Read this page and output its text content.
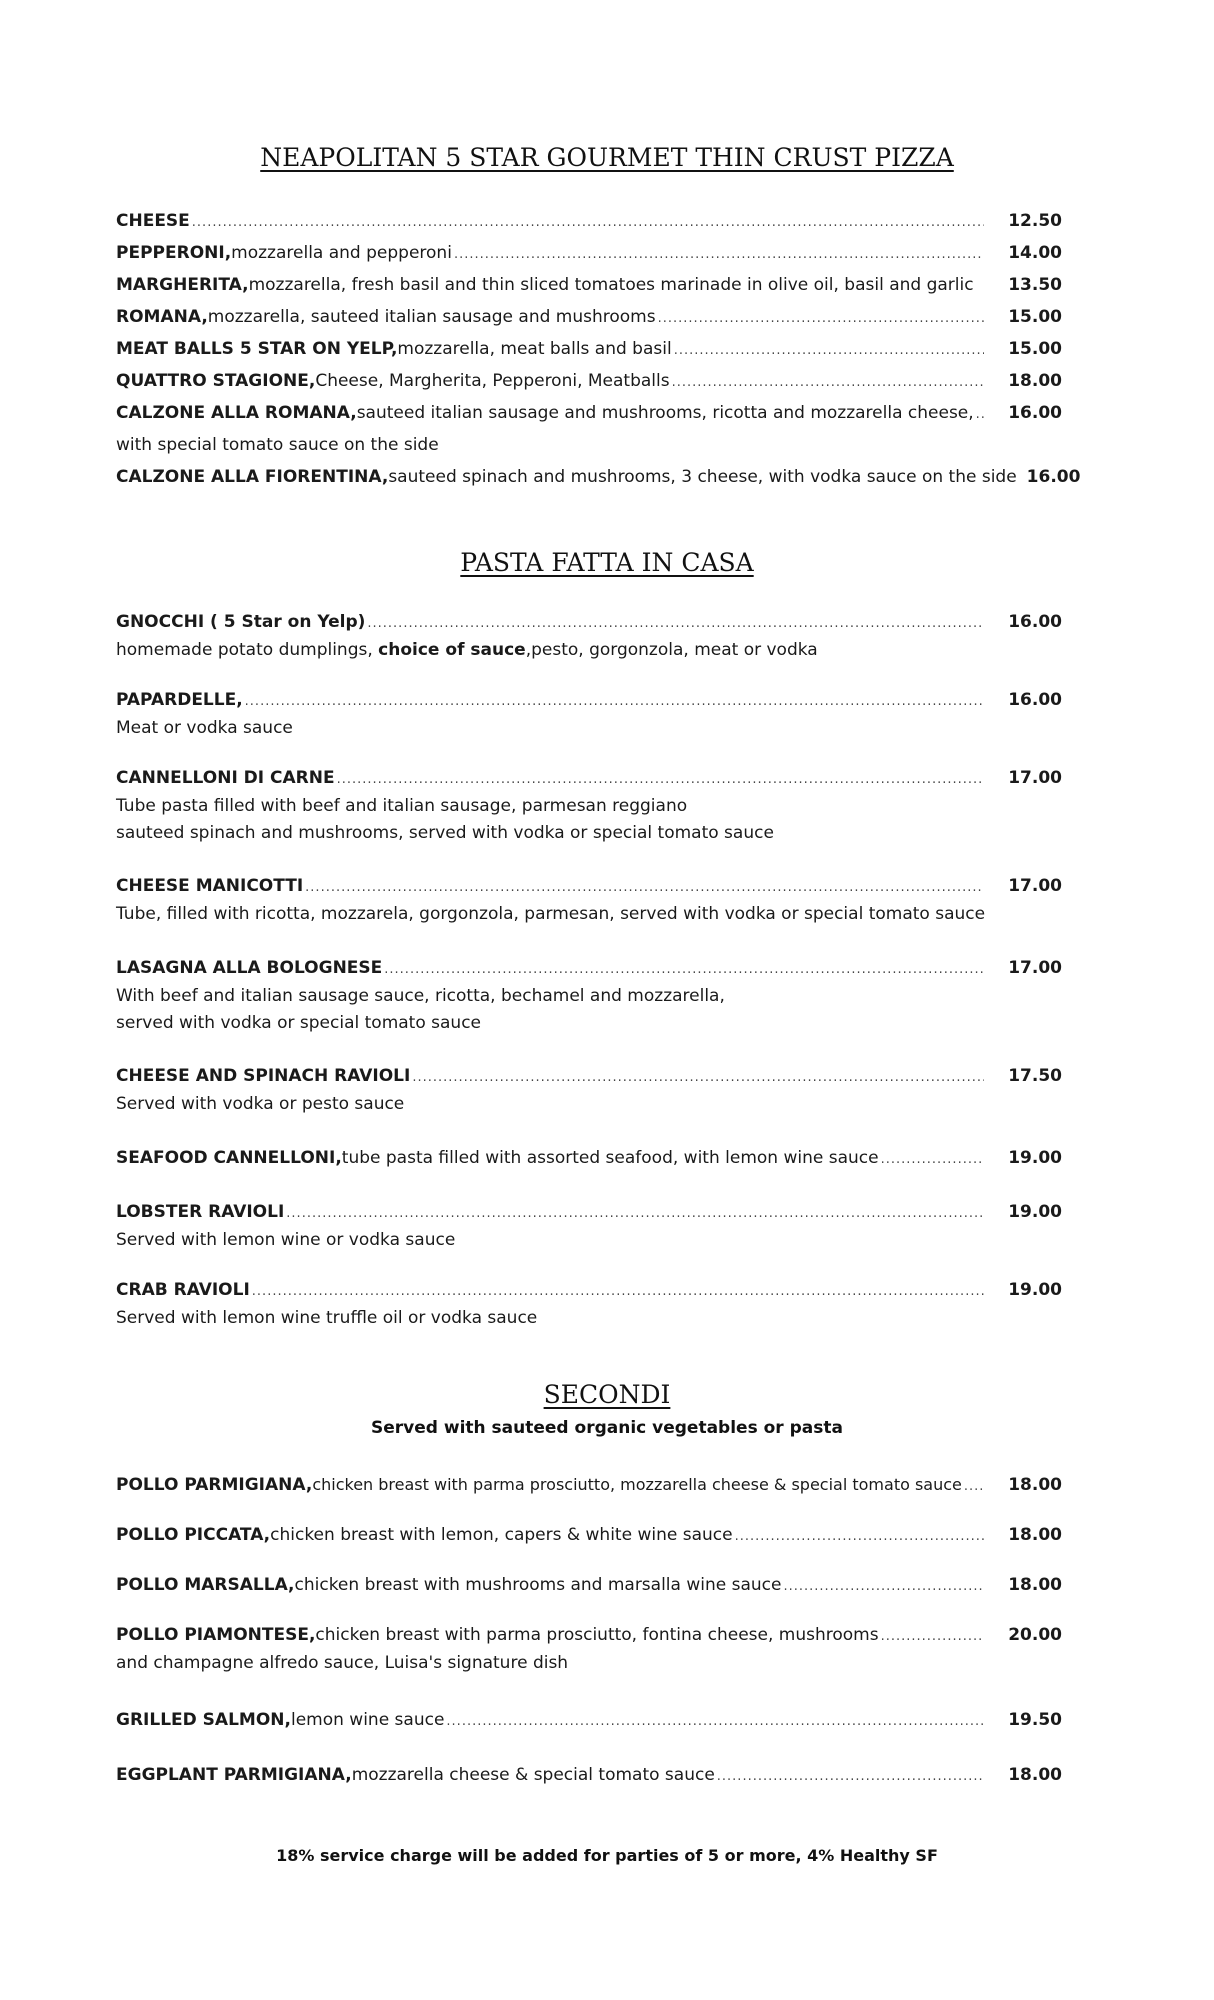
NEAPOLITAN 5 STAR GOURMET THIN CRUST PIZZA
CHEESE .....	12.50
PEPPERONI, mozzarella and pepperoni .....	14.00
MARGHERITA, mozzarella, fresh basil and thin sliced tomatoes marinade in olive oil, basil and garlic	13.50
ROMANA, mozzarella, sauteed italian sausage and mushrooms .....	15.00
MEAT BALLS 5 STAR ON YELP, mozzarella, meat balls and basil .....	15.00
QUATTRO STAGIONE, Cheese, Margherita, Pepperoni, Meatballs .....	18.00
CALZONE ALLA ROMANA, sauteed italian sausage and mushrooms, ricotta and mozzarella cheese, .....	16.00
with special tomato sauce on the side
CALZONE ALLA FIORENTINA, sauteed spinach and mushrooms, 3 cheese, with vodka sauce on the side 16.00
PASTA FATTA IN CASA
GNOCCHI ( 5 Star on Yelp) .....	16.00
homemade potato dumplings, choice of sauce,pesto, gorgonzola, meat or vodka
PAPARDELLE, .....	16.00
Meat or vodka sauce
CANNELLONI DI CARNE .....	17.00
Tube pasta filled with beef and italian sausage, parmesan reggiano
sauteed spinach and mushrooms, served with vodka or special tomato sauce
CHEESE MANICOTTI .....	17.00
Tube, filled with ricotta, mozzarela, gorgonzola, parmesan, served with vodka or special tomato sauce
LASAGNA ALLA BOLOGNESE .....	17.00
With beef and italian sausage sauce, ricotta, bechamel and mozzarella,
served with vodka or special tomato sauce
CHEESE AND SPINACH RAVIOLI .....	17.50
Served with vodka or pesto sauce
SEAFOOD CANNELLONI, tube pasta filled with assorted seafood, with lemon wine sauce .....	19.00
LOBSTER RAVIOLI .....	19.00
Served with lemon wine or vodka sauce
CRAB RAVIOLI .....	19.00
Served with lemon wine truffle oil or vodka sauce
SECONDI
Served with sauteed organic vegetables or pasta
POLLO PARMIGIANA, chicken breast with parma prosciutto, mozzarella cheese & special tomato sauce .....	18.00
POLLO PICCATA, chicken breast with lemon, capers & white wine sauce .....	18.00
POLLO MARSALLA, chicken breast with mushrooms and marsalla wine sauce .....	18.00
POLLO PIAMONTESE, chicken breast with parma prosciutto, fontina cheese, mushrooms .....	20.00
and champagne alfredo sauce, Luisa's signature dish
GRILLED SALMON, lemon wine sauce .....	19.50
EGGPLANT PARMIGIANA, mozzarella cheese & special tomato sauce .....	18.00
18% service charge will be added for parties of 5 or more, 4% Healthy SF
